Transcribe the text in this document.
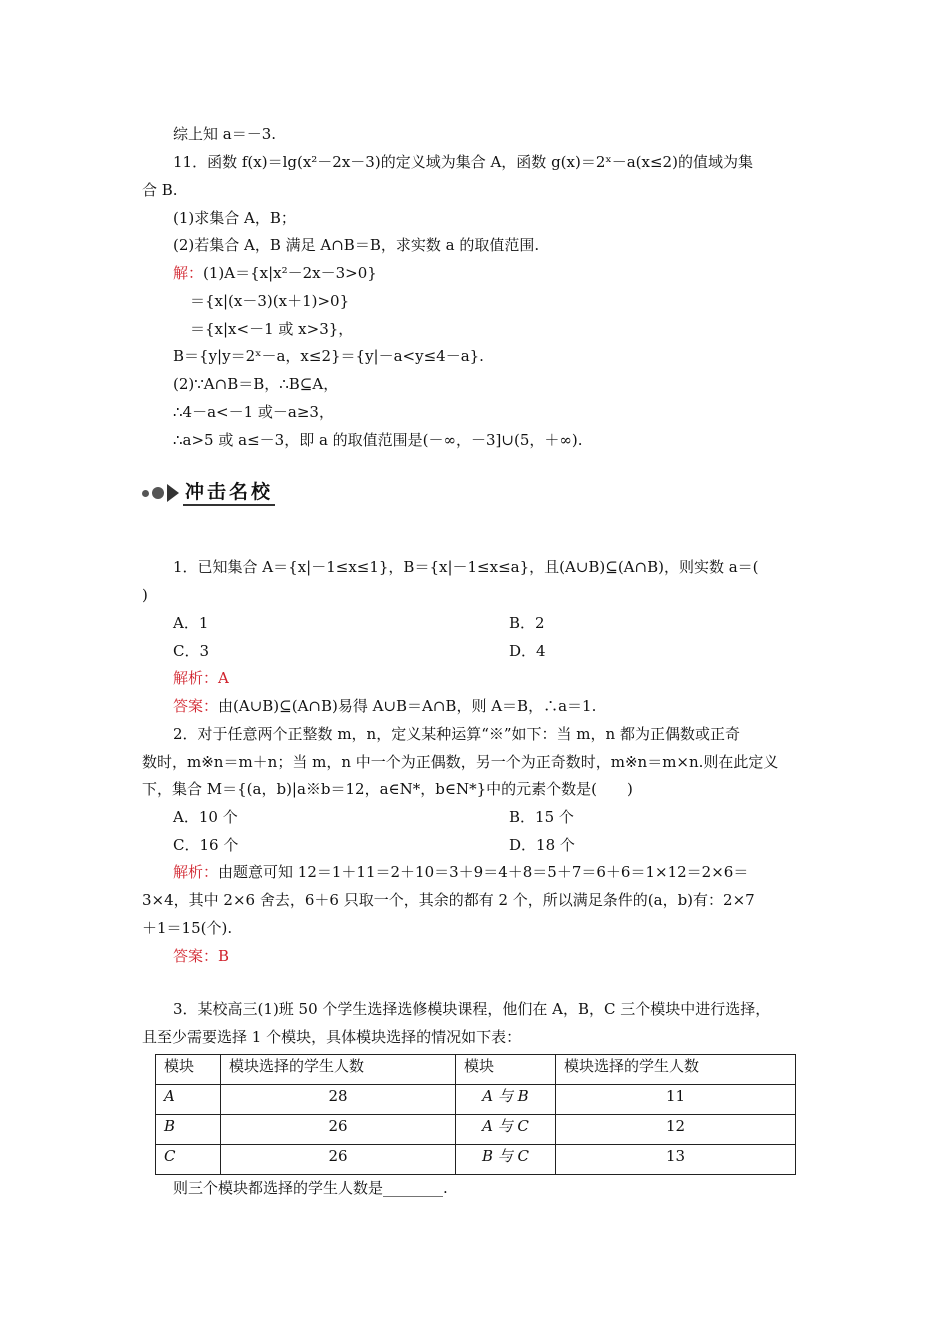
综上知 a＝－3.
11．函数 f(x)＝lg(x²－2x－3)的定义域为集合 A，函数 g(x)＝2ˣ－a(x≤2)的值域为集
合 B.
(1)求集合 A，B；
(2)若集合 A，B 满足 A∩B＝B，求实数 a 的取值范围.
解：(1)A＝{x|x²－2x－3>0}
＝{x|(x－3)(x＋1)>0}
＝{x|x<－1 或 x>3}，
B＝{y|y＝2ˣ－a，x≤2}＝{y|－a<y≤4－a}.
(2)∵A∩B＝B，∴B⊆A，
∴4－a<－1 或－a≥3，
∴a>5 或 a≤－3，即 a 的取值范围是(－∞，－3]∪(5，＋∞).
冲击名校
1．已知集合 A＝{x|－1≤x≤1}，B＝{x|－1≤x≤a}，且(A∪B)⊆(A∩B)，则实数 a＝(
)
A．1	B．2
C．3	D．4
解析：A
答案：由(A∪B)⊆(A∩B)易得 A∪B＝A∩B，则 A＝B，∴a＝1.
2．对于任意两个正整数 m，n，定义某种运算“※”如下：当 m，n 都为正偶数或正奇
数时，m※n＝m＋n；当 m，n 中一个为正偶数，另一个为正奇数时，m※n＝m×n.则在此定义
下，集合 M＝{(a，b)|a※b＝12，a∈N*，b∈N*}中的元素个数是(　　)
A．10 个	B．15 个
C．16 个	D．18 个
解析：由题意可知 12＝1＋11＝2＋10＝3＋9＝4＋8＝5＋7＝6＋6＝1×12＝2×6＝
3×4，其中 2×6 舍去，6＋6 只取一个，其余的都有 2 个，所以满足条件的(a，b)有：2×7
＋1＝15(个).
答案：B
3．某校高三(1)班 50 个学生选择选修模块课程，他们在 A，B，C 三个模块中进行选择，
且至少需要选择 1 个模块，具体模块选择的情况如下表：
模块	模块选择的学生人数	模块	模块选择的学生人数
A	28	A 与 B	11
B	26	A 与 C	12
C	26	B 与 C	13
则三个模块都选择的学生人数是________.
